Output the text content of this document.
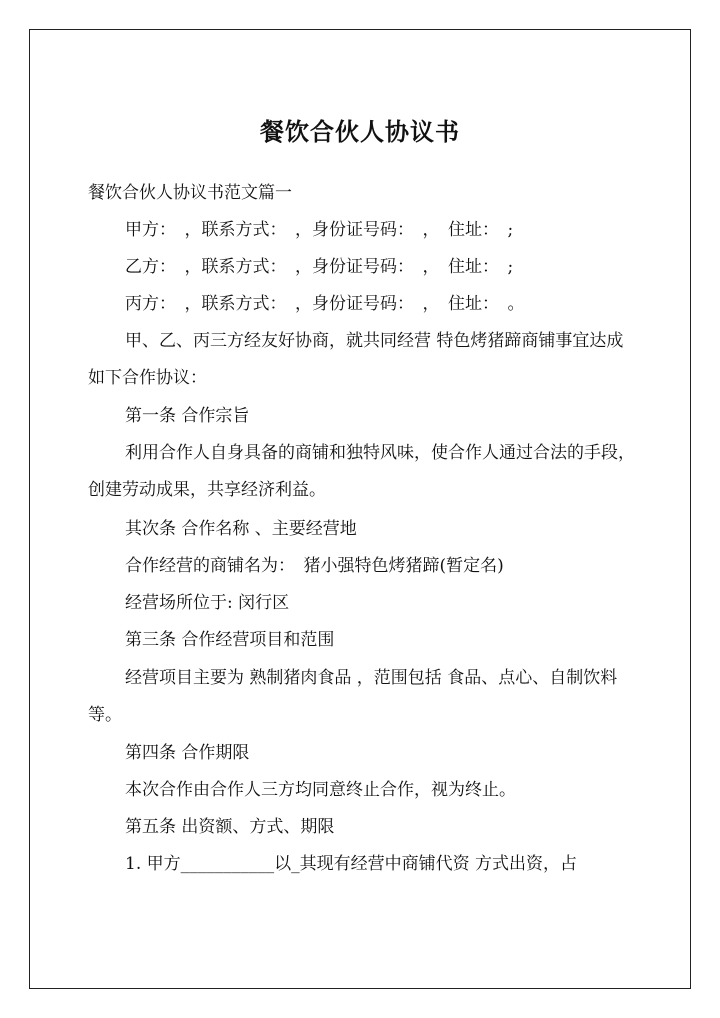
餐饮合伙人协议书
餐饮合伙人协议书范文篇一
甲方：　，联系方式：　，身份证号码：　，　住址：　;
乙方：　，联系方式：　，身份证号码：　，　住址：　;
丙方：　，联系方式：　，身份证号码：　，　住址：　。
甲、乙、丙三方经友好协商，就共同经营 特色烤猪蹄商铺事宜达成如下合作协议：
第一条 合作宗旨
利用合作人自身具备的商铺和独特风味，使合作人通过合法的手段，创建劳动成果，共享经济利益。
其次条 合作名称 、主要经营地
合作经营的商铺名为：　猪小强特色烤猪蹄(暂定名)
经营场所位于: 闵行区
第三条 合作经营项目和范围
经营项目主要为 熟制猪肉食品 ，范围包括 食品、点心、自制饮料 等。
第四条 合作期限
本次合作由合作人三方均同意终止合作，视为终止。
第五条 出资额、方式、期限
1. 甲方___________以_其现有经营中商铺代资 方式出资，占
